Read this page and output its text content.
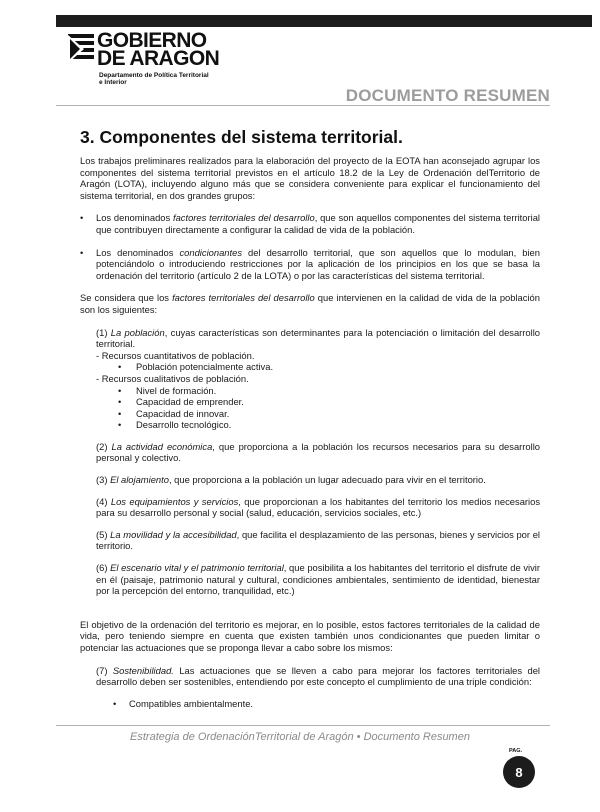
GOBIERNO
DE ARAGON
Departamento de Política Territorial
e Interior
DOCUMENTO RESUMEN
3. Componentes del sistema territorial.

Los trabajos preliminares realizados para la elaboración del proyecto de la EOTA han aconsejado agrupar los componentes del sistema territorial previstos en el artículo 18.2 de la Ley de Ordenación delTerritorio de Aragón (LOTA), incluyendo alguno más que se considera conveniente para explicar el funcionamiento del sistema territorial, en dos grandes grupos:

• Los denominados factores territoriales del desarrollo, que son aquellos componentes del sistema territorial que contribuyen directamente a configurar la calidad de vida de la población.
• Los denominados condicionantes del desarrollo territorial, que son aquellos que lo modulan, bien potenciándolo o introduciendo restricciones por la aplicación de los principios en los que se basa la ordenación del territorio (artículo 2 de la LOTA) o por las características del sistema territorial.

Se considera que los factores territoriales del desarrollo que intervienen en la calidad de vida de la población son los siguientes:

(1) La población, cuyas características son determinantes para la potenciación o limitación del desarrollo territorial.
- Recursos cuantitativos de población.
• Población potencialmente activa.
- Recursos cualitativos de población.
• Nivel de formación.
• Capacidad de emprender.
• Capacidad de innovar.
• Desarrollo tecnológico.

(2) La actividad económica, que proporciona a la población los recursos necesarios para su desarrollo personal y colectivo.

(3) El alojamiento, que proporciona a la población un lugar adecuado para vivir en el territorio.

(4) Los equipamientos y servicios, que proporcionan a los habitantes del territorio los medios necesarios para su desarrollo personal y social (salud, educación, servicios sociales, etc.)

(5) La movilidad y la accesibilidad, que facilita el desplazamiento de las personas, bienes y servicios por el territorio.

(6) El escenario vital y el patrimonio territorial, que posibilita a los habitantes del territorio el disfrute de vivir en él (paisaje, patrimonio natural y cultural, condiciones ambientales, sentimiento de identidad, bienestar por la percepción del entorno, tranquilidad, etc.)

El objetivo de la ordenación del territorio es mejorar, en lo posible, estos factores territoriales de la calidad de vida, pero teniendo siempre en cuenta que existen también unos condicionantes que pueden limitar o potenciar las actuaciones que se proponga llevar a cabo sobre los mismos:

(7) Sostenibilidad. Las actuaciones que se lleven a cabo para mejorar los factores territoriales del desarrollo deben ser sostenibles, entendiendo por este concepto el cumplimiento de una triple condición:

• Compatibles ambientalmente.
Estrategia de OrdenaciónTerritorial de Aragón • Documento Resumen
PAG.
8
